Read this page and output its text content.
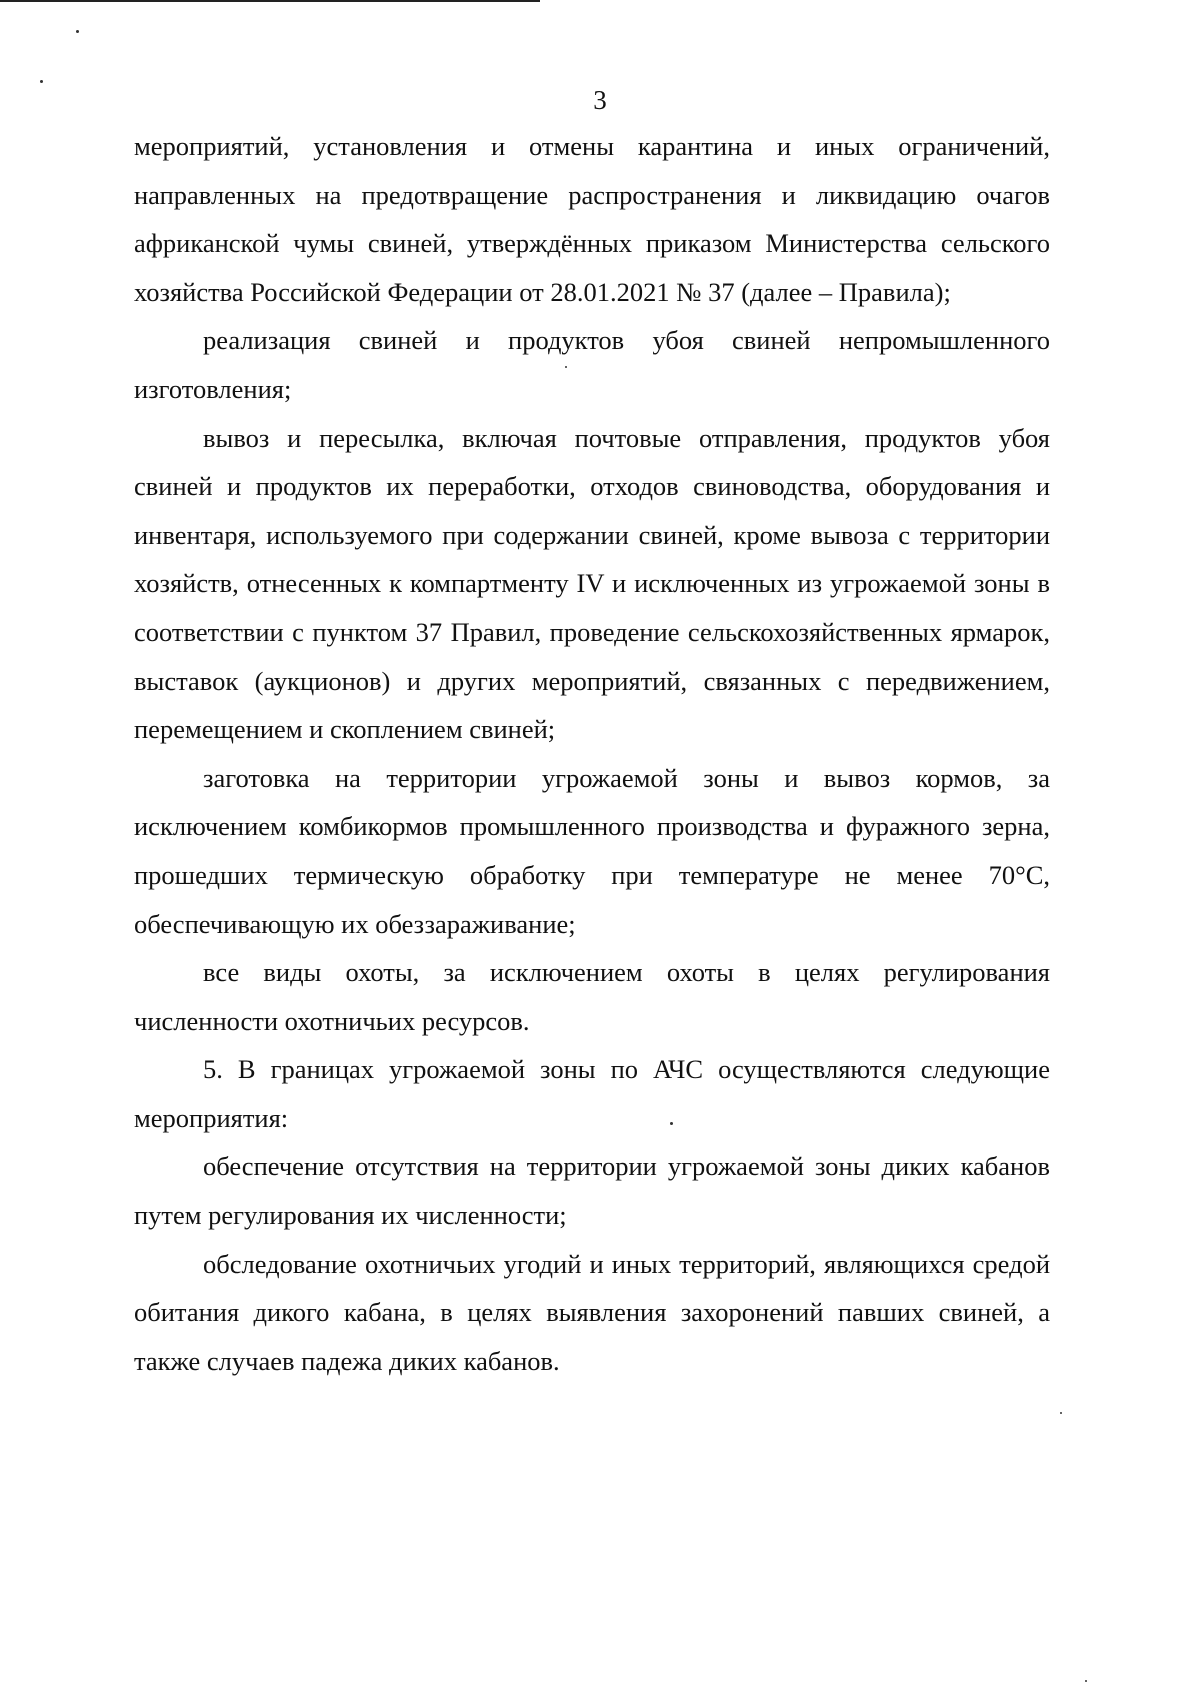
3

мероприятий, установления и отмены карантина и иных ограничений, направленных на предотвращение распространения и ликвидацию очагов африканской чумы свиней, утверждённых приказом Министерства сельского хозяйства Российской Федерации от 28.01.2021 № 37 (далее – Правила);

реализация свиней и продуктов убоя свиней непромышленного изготовления;

вывоз и пересылка, включая почтовые отправления, продуктов убоя свиней и продуктов их переработки, отходов свиноводства, оборудования и инвентаря, используемого при содержании свиней, кроме вывоза с территории хозяйств, отнесенных к компартменту IV и исключенных из угрожаемой зоны в соответствии с пунктом 37 Правил, проведение сельскохозяйственных ярмарок, выставок (аукционов) и других мероприятий, связанных с передвижением, перемещением и скоплением свиней;

заготовка на территории угрожаемой зоны и вывоз кормов, за исключением комбикормов промышленного производства и фуражного зерна, прошедших термическую обработку при температуре не менее 70°С, обеспечивающую их обеззараживание;

все виды охоты, за исключением охоты в целях регулирования численности охотничьих ресурсов.

5. В границах угрожаемой зоны по АЧС осуществляются следующие мероприятия:

обеспечение отсутствия на территории угрожаемой зоны диких кабанов путем регулирования их численности;

обследование охотничьих угодий и иных территорий, являющихся средой обитания дикого кабана, в целях выявления захоронений павших свиней, а также случаев падежа диких кабанов.
